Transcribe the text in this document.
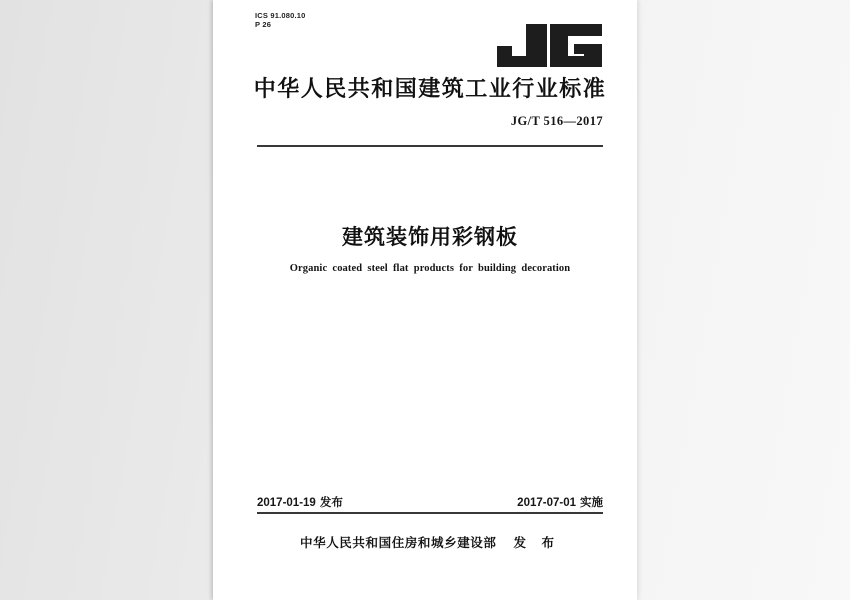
ICS 91.080.10
P 26
中华人民共和国建筑工业行业标准
JG/T 516—2017
建筑装饰用彩钢板
Organic coated steel flat products for building decoration
2017-01-19 发布	2017-07-01 实施
中华人民共和国住房和城乡建设部 发 布
